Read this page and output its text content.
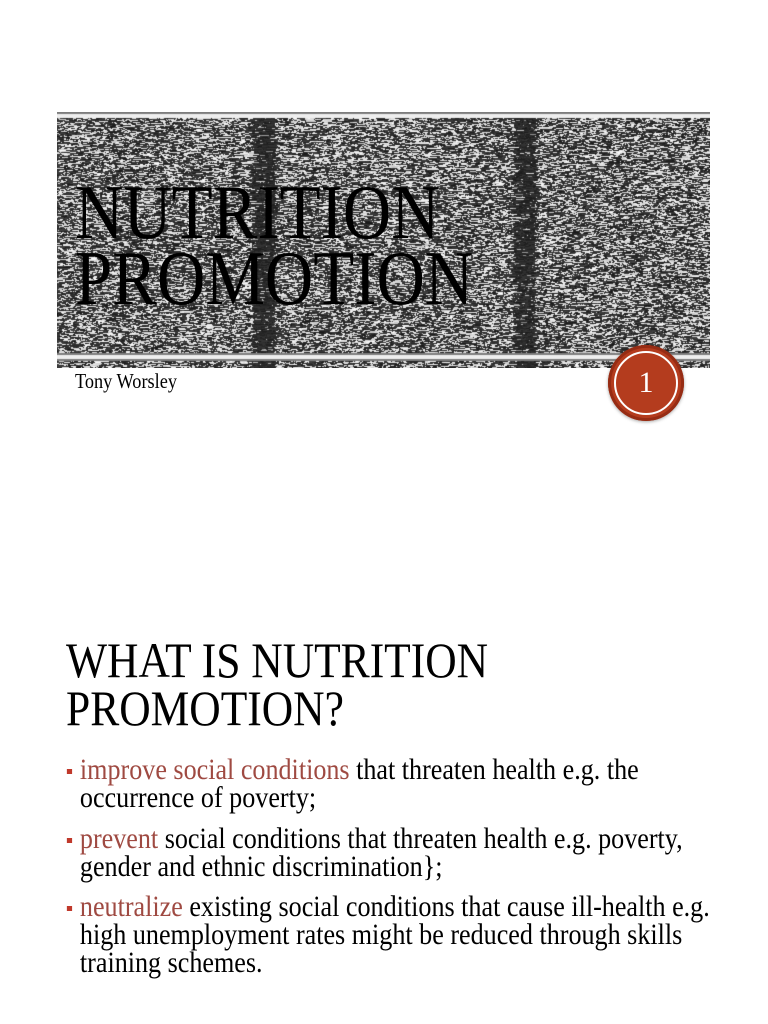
NUTRITION PROMOTION
Tony Worsley	1
WHAT IS NUTRITION PROMOTION?
improve social conditions that threaten health e.g. the occurrence of poverty;
prevent social conditions that threaten health e.g. poverty, gender and ethnic discrimination};
neutralize existing social conditions that cause ill-health e.g. high unemployment rates might be reduced through skills training schemes.
